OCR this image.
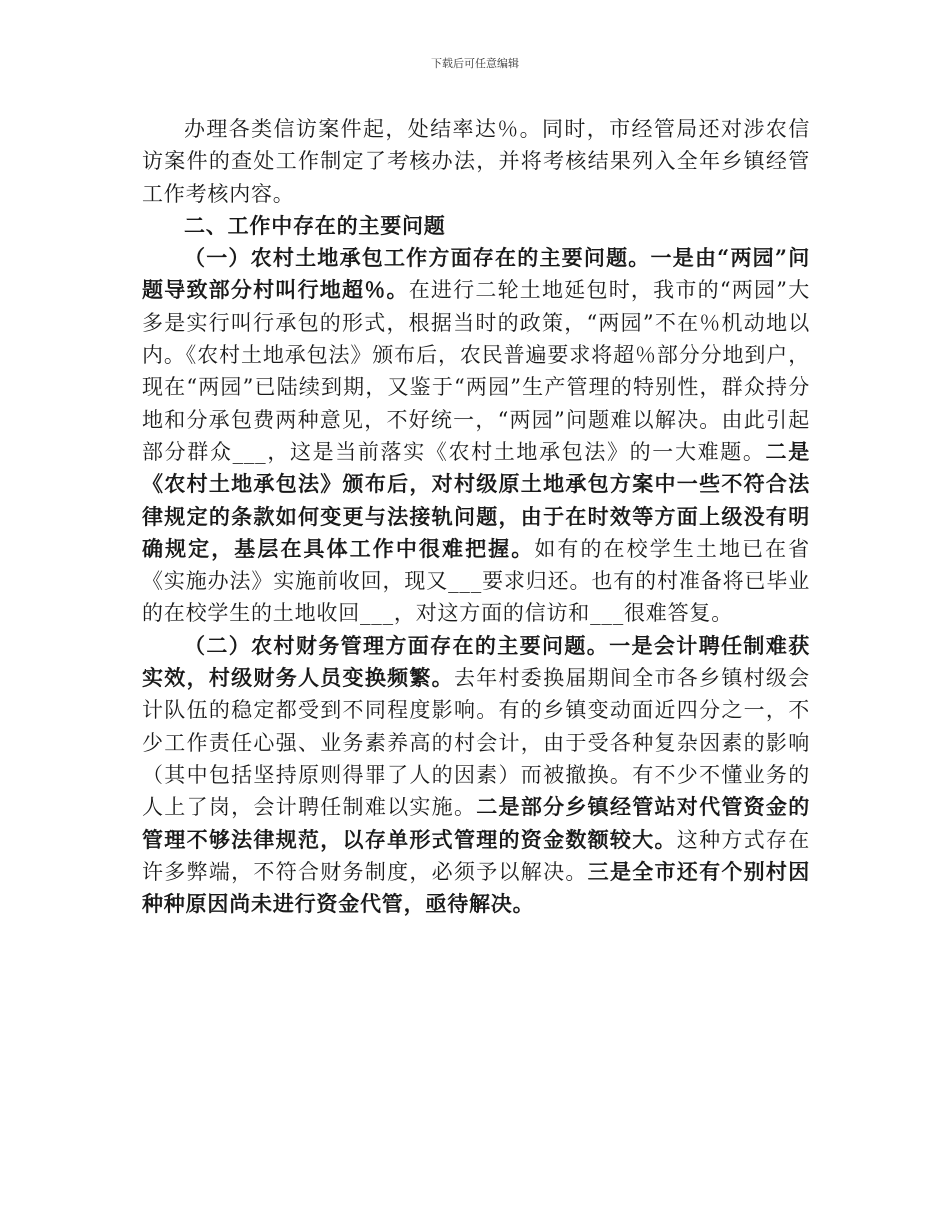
下载后可任意编辑

办理各类信访案件起，处结率达％。同时，市经管局还对涉农信访案件的查处工作制定了考核办法，并将考核结果列入全年乡镇经管工作考核内容。

二、工作中存在的主要问题

（一）农村土地承包工作方面存在的主要问题。一是由“两园”问题导致部分村叫行地超％。在进行二轮土地延包时，我市的“两园”大多是实行叫行承包的形式，根据当时的政策，“两园”不在％机动地以内。《农村土地承包法》颁布后，农民普遍要求将超％部分分地到户，现在“两园”已陆续到期，又鉴于“两园”生产管理的特别性，群众持分地和分承包费两种意见，不好统一，“两园”问题难以解决。由此引起部分群众___，这是当前落实《农村土地承包法》的一大难题。二是《农村土地承包法》颁布后，对村级原土地承包方案中一些不符合法律规定的条款如何变更与法接轨问题，由于在时效等方面上级没有明确规定，基层在具体工作中很难把握。如有的在校学生土地已在省《实施办法》实施前收回，现又___要求归还。也有的村准备将已毕业的在校学生的土地收回___，对这方面的信访和___很难答复。

（二）农村财务管理方面存在的主要问题。一是会计聘任制难获实效，村级财务人员变换频繁。去年村委换届期间全市各乡镇村级会计队伍的稳定都受到不同程度影响。有的乡镇变动面近四分之一，不少工作责任心强、业务素养高的村会计，由于受各种复杂因素的影响（其中包括坚持原则得罪了人的因素）而被撤换。有不少不懂业务的人上了岗，会计聘任制难以实施。二是部分乡镇经管站对代管资金的管理不够法律规范，以存单形式管理的资金数额较大。这种方式存在许多弊端，不符合财务制度，必须予以解决。三是全市还有个别村因种种原因尚未进行资金代管，亟待解决。
